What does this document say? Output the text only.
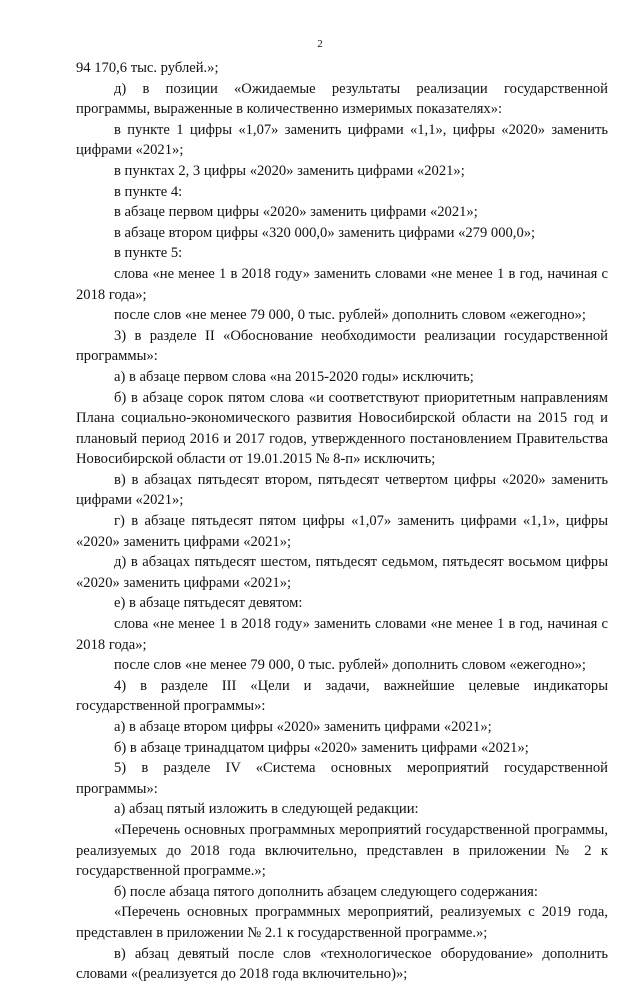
2

94 170,6 тыс. рублей.»;

д) в позиции «Ожидаемые результаты реализации государственной программы, выраженные в количественно измеримых показателях»:

в пункте 1 цифры «1,07» заменить цифрами «1,1», цифры «2020» заменить цифрами «2021»;

в пунктах 2, 3 цифры «2020» заменить цифрами «2021»;

в пункте 4:

в абзаце первом цифры «2020» заменить цифрами «2021»;

в абзаце втором цифры «320 000,0» заменить цифрами «279 000,0»;

в пункте 5:

слова «не менее 1 в 2018 году» заменить словами «не менее 1 в год, начиная с 2018 года»;

после слов «не менее 79 000, 0 тыс. рублей» дополнить словом «ежегодно»;

3) в разделе II «Обоснование необходимости реализации государственной программы»:

а) в абзаце первом слова «на 2015-2020 годы» исключить;

б) в абзаце сорок пятом слова «и соответствуют приоритетным направлениям Плана социально-экономического развития Новосибирской области на 2015 год и плановый период 2016 и 2017 годов, утвержденного постановлением Правительства Новосибирской области от 19.01.2015 № 8-п» исключить;

в) в абзацах пятьдесят втором, пятьдесят четвертом цифры «2020» заменить цифрами «2021»;

г) в абзаце пятьдесят пятом цифры «1,07» заменить цифрами «1,1», цифры «2020» заменить цифрами «2021»;

д) в абзацах пятьдесят шестом, пятьдесят седьмом, пятьдесят восьмом цифры «2020» заменить цифрами «2021»;

е) в абзаце пятьдесят девятом:

слова «не менее 1 в 2018 году» заменить словами «не менее 1 в год, начиная с 2018 года»;

после слов «не менее 79 000, 0 тыс. рублей» дополнить словом «ежегодно»;

4) в разделе III «Цели и задачи, важнейшие целевые индикаторы государственной программы»:

а) в абзаце втором цифры «2020» заменить цифрами «2021»;

б) в абзаце тринадцатом цифры «2020» заменить цифрами «2021»;

5) в разделе IV «Система основных мероприятий государственной программы»:

а) абзац пятый изложить в следующей редакции:

«Перечень основных программных мероприятий государственной программы, реализуемых до 2018 года включительно, представлен в приложении № 2 к государственной программе.»;

б) после абзаца пятого дополнить абзацем следующего содержания:

«Перечень основных программных мероприятий, реализуемых с 2019 года, представлен в приложении № 2.1 к государственной программе.»;

в) абзац девятый после слов «технологическое оборудование» дополнить словами «(реализуется до 2018 года включительно)»;
